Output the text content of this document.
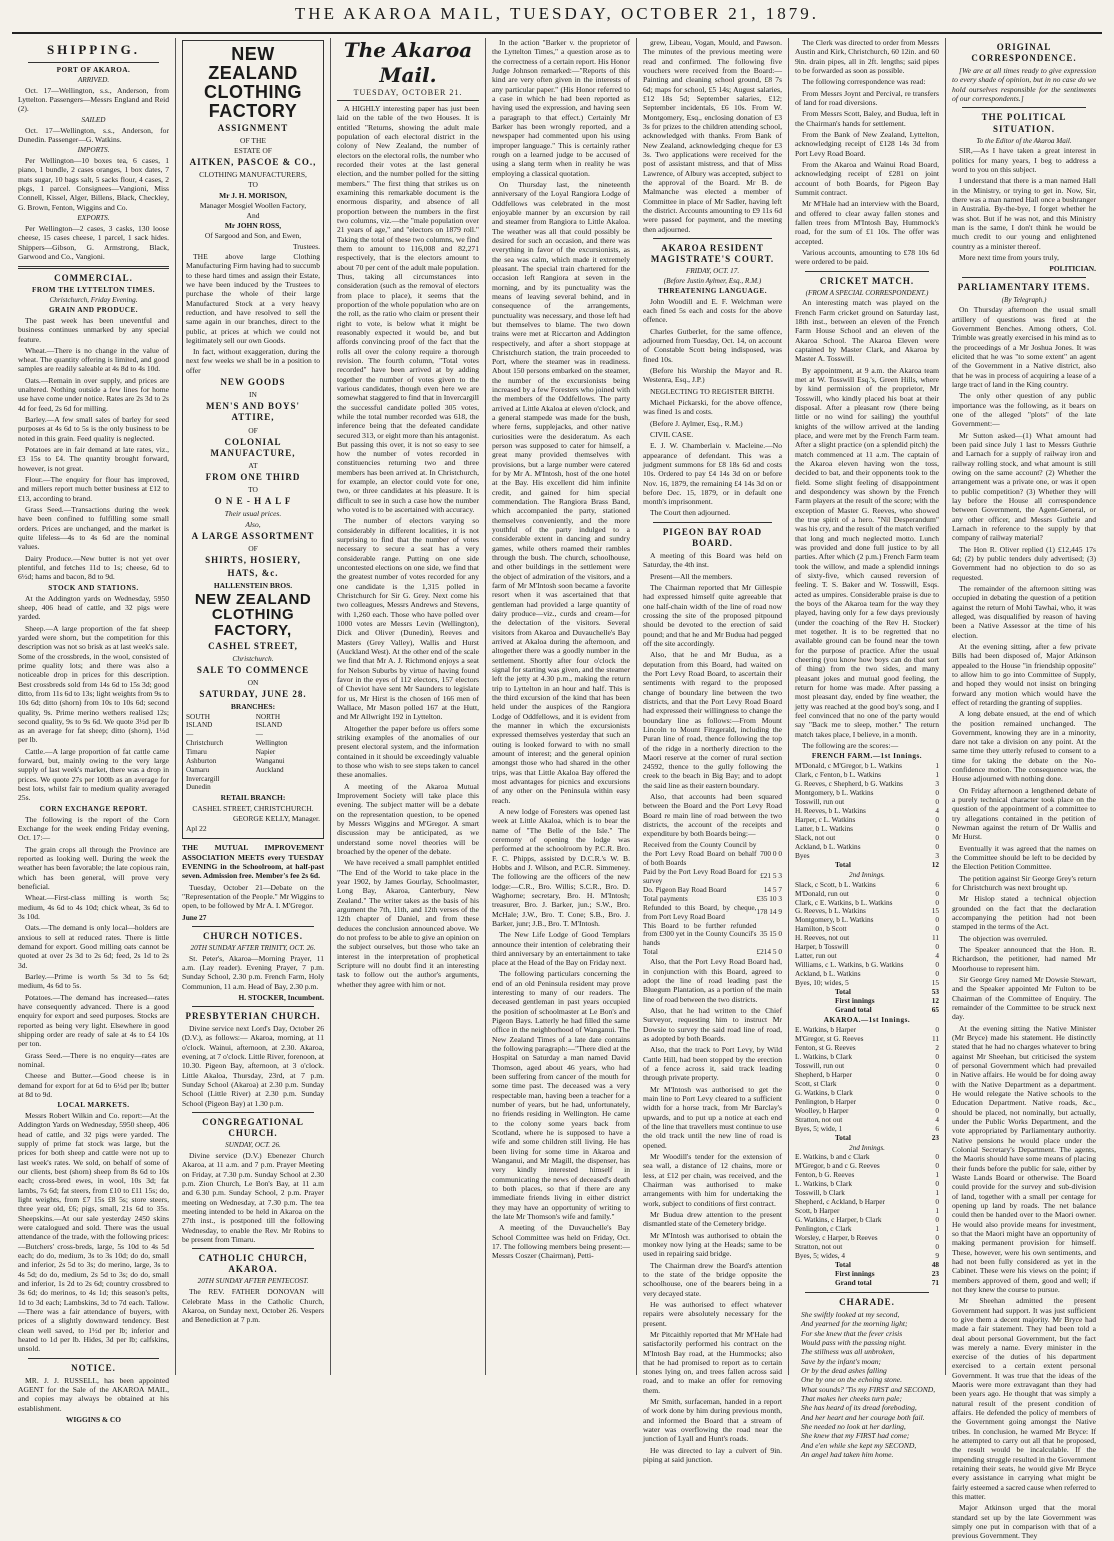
THE AKAROA MAIL, TUESDAY, OCTOBER 21, 1879.
SHIPPING.
PORT OF AKAROA.
ARRIVED.

Oct. 17—Wellington, s.s., Anderson, from Lyttelton. Passengers—Messrs England and Reid (2).

SAILED

Oct. 17—Wellington, s.s., Anderson, for Dunedin. Passenger—G. Watkins.

IMPORTS.

Per Wellington—10 boxes tea, 6 cases, 1 piano, 1 bundle, 2 cases oranges, 1 box dates, 7 mats sugar, 10 bags salt, 5 sacks flour, 4 cases, 2 pkgs, 1 parcel. Consignees—Vangioni, Miss Connell, Kissel, Alger, Billens, Black, Checkley, G. Brown, Fenton, Wiggins and Co.

EXPORTS.

Per Wellington—2 cases, 3 casks, 130 loose cheese, 15 cases cheese, 1 parcel, 1 sack hides. Shippers—Gibson, G. Armstrong, Black, Garwood and Co., Vangioni.

COMMERCIAL.
FROM THE LYTTELTON TIMES.
Christchurch, Friday Evening.
GRAIN AND PRODUCE.

The past week has been uneventful and business continues unmarked by any special feature.

Wheat.—There is no change in the value of wheat. The quantity offering is limited, and good samples are readily saleable at 4s 8d to 4s 10d.

Oats.—Remain in over supply, and prices are unaltered. Nothing outside a few lines for home use have come under notice. Rates are 2s 3d to 2s 4d for feed, 2s 6d for milling.

Barley.—A few small sales of barley for seed purposes at 4s 6d to 5s is the only business to be noted in this grain. Feed quality is neglected.

Potatoes are in fair demand at late rates, viz., £3 15s to £4. The quantity brought forward, however, is not great.

Flour.—The enquiry for flour has improved, and millers report much better business at £12 to £13, according to brand.

Grass Seed.—Transactions during the week have been confined to fulfilling some small orders. Prices are unchanged, and the market is quite lifeless—4s to 4s 6d are the nominal values.

Dairy Produce.—New butter is not yet over plentiful, and fetches 11d to 1s; cheese, 6d to 6½d; hams and bacon, 8d to 9d.

STOCK AND STATIONS.

At the Addington yards on Wednesday, 5950 sheep, 406 head of cattle, and 32 pigs were yarded.

Sheep.—A large proportion of the fat sheep yarded were shorn, but the competition for this description was not so brisk as at last week's sale. Some of the crossbreds, in the wool, consisted of prime quality lots; and there was also a noticeable drop in prices for this description. Best crossbreds sold from 14s 6d to 15s 3d; good ditto, from 11s 6d to 13s; light weights from 9s to 10s 6d; ditto (shorn) from 10s to 10s 6d; second quality, 9s. Prime merino wethers realised 12s; second quality, 9s to 9s 6d. We quote 3½d per lb as an average for fat sheep; ditto (shorn), 1½d per lb.

Cattle.—A large proportion of fat cattle came forward, but, mainly owing to the very large supply of last week's market, there was a drop in prices. We quote 27s per 100lb as an average for best lots, whilst fair to medium quality averaged 25s.

CORN EXCHANGE REPORT.

The following is the report of the Corn Exchange for the week ending Friday evening, Oct. 17:—

The grain crops all through the Province are reported as looking well. During the week the weather has been favorable; the late copious rain, which has been general, will prove very beneficial.

Wheat.—First-class milling is worth 5s; medium, 4s 6d to 4s 10d; chick wheat, 3s 6d to 3s 10d.

Oats.—The demand is only local—holders are anxious to sell at reduced rates. There is little demand for export. Good milling oats cannot be quoted at over 2s 3d to 2s 6d; feed, 2s 1d to 2s 3d.

Barley.—Prime is worth 5s 3d to 5s 6d; medium, 4s 6d to 5s.

Potatoes.—The demand has increased—rates have consequently advanced. There is a good enquiry for export and seed purposes. Stocks are reported as being very light. Elsewhere in good shipping order are ready of sale at 4s to £4 10s per ton.

Grass Seed.—There is no enquiry—rates are nominal.

Cheese and Butter.—Good cheese is in demand for export for at 6d to 6½d per lb; butter at 8d to 9d.

LOCAL MARKETS.

Messrs Robert Wilkin and Co. report:—At the Addington Yards on Wednesday, 5950 sheep, 406 head of cattle, and 32 pigs were yarded. The supply of prime fat stock was large, but the prices for both sheep and cattle were not up to last week's rates. We sold, on behalf of some of our clients, best (shorn) sheep from 8s 6d to 10s each; cross-bred ewes, in wool, 10s 3d; fat lambs, 7s 6d; fat steers, from £10 to £11 15s; do, light weights, from £7 15s £8 5s; store steers, three year old, £6; pigs, small, 21s 6d to 35s. Sheepskins.—At our sale yesterday 2450 skins were catalogued and sold. There was the usual attendance of the trade, with the following prices:—Butchers' cross-breds, large, 5s 10d to 4s 5d each; do do, medium, 3s to 3s 10d; do do, small and inferior, 2s 5d to 3s; do merino, large, 3s to 4s 5d; do do, medium, 2s 5d to 3s; do do, small and inferior, 1s 2d to 2s 6d; country crossbred to 3s 6d; do merinos, to 4s 1d; this season's pelts, 1d to 3d each; Lambskins, 3d to 7d each. Tallow.—There was a fair attendance of buyers, with prices of a slightly downward tendency. Best clean well saved, to 1½d per lb; inferior and heated to 1d per lb. Hides, 3d per lb; calfskins, unsold.

NOTICE.

MR. J. J. RUSSELL, has been appointed AGENT for the Sale of the AKAROA MAIL, and copies may always be obtained at his establishment.

WIGGINS & CO
NEW ZEALAND
CLOTHING FACTORY
ASSIGNMENT
OF THE
ESTATE OF
AITKEN, PASCOE & CO.,
CLOTHING MANUFACTURERS,
TO
Mr J. H. MORISON,
Manager Mosgiel Woollen Factory,
And
Mr JOHN ROSS,
Of Sargood and Son, and Ewen,
Trustees.

THE above large Clothing Manufacturing Firm having had to succumb to these hard times and assign their Estate, we have been induced by the Trustees to purchase the whole of their large Manufactured Stock at a very heavy reduction, and have resolved to sell the same again in our branches, direct to the public, at prices at which we could not legitimately sell our own Goods.

In fact, without exaggeration, during the next few weeks we shall be in a position to offer

NEW GOODS
IN
MEN'S AND BOYS' ATTIRE,
OF
COLONIAL MANUFACTURE,
AT
FROM ONE THIRD
TO
O N E - H A L F
Their usual prices.
Also,
A LARGE ASSORTMENT
OF
SHIRTS, HOSIERY,
HATS, &c.
HALLENSTEIN BROS.
NEW ZEALAND
CLOTHING FACTORY,
CASHEL STREET,
Christchurch.
SALE TO COMMENCE
ON
SATURDAY, JUNE 28.
BRANCHES:
SOUTH ISLAND—
Christchurch
Timaru
Ashburton
Oamaru
Invercargill
Dunedin
NORTH ISLAND—
Wellington
Napier
Wanganui
Auckland
RETAIL BRANCH:
CASHEL STREET, CHRISTCHURCH.
GEORGE KELLY, Manager.
Apl 22

THE MUTUAL IMPROVEMENT ASSOCIATION MEETS every TUESDAY EVENING in the Schoolroom, at half-past seven. Admission free. Member's fee 2s 6d.

Tuesday, October 21—Debate on the "Representation of the People." Mr Wiggins to open, to be followed by Mr A. I. M'Gregor.

June 27
CHURCH NOTICES.
20TH SUNDAY AFTER TRINITY, OCT. 26.

St. Peter's, Akaroa—Morning Prayer, 11 a.m. (Lay reader). Evening Prayer, 7 p.m. Sunday School, 2.30 p.m. French Farm, Holy Communion, 11 a.m. Head of Bay, 2.30 p.m.

H. STOCKER, Incumbent.
PRESBYTERIAN CHURCH.

Divine service next Lord's Day, October 26 (D.V.), as follows:— Akaroa, morning, at 11 o'clock. Wainui, afternoon, at 2.30. Akaroa, evening, at 7 o'clock. Little River, forenoon, at 10.30. Pigeon Bay, afternoon, at 3 o'clock. Little Akaloa, Thursday, 23rd, at 7 p.m. Sunday School (Akaroa) at 2.30 p.m. Sunday School (Little River) at 2.30 p.m. Sunday School (Pigeon Bay) at 1.30 p.m.

CONGREGATIONAL CHURCH.
SUNDAY, OCT. 26.

Divine service (D.V.) Ebenezer Church Akaroa, at 11 a.m. and 7 p.m. Prayer Meeting on Friday, at 7.30 p.m. Sunday School at 2.30 p.m. Zion Church, Le Bon's Bay, at 11 a.m and 6.30 p.m. Sunday School, 2 p.m. Prayer meeting on Wednesday, at 7.30 p.m. The tea meeting intended to be held in Akaroa on the 27th inst., is postponed till the following Wednesday, to enable the Rev. Mr Robins to be present from Timaru.

CATHOLIC CHURCH, AKAROA.
20TH SUNDAY AFTER PENTECOST.

The REV. FATHER DONOVAN will Celebrate Mass in the Catholic Church, Akaroa, on Sunday next, October 26. Vespers and Benediction at 7 p.m.

The Akaroa Mail.
TUESDAY, OCTOBER 21.

A HIGHLY interesting paper has just been laid on the table of the two Houses. It is entitled "Returns, showing the adult male population of each electoral district in the colony of New Zealand, the number of electors on the electoral rolls, the number who recorded their votes at the last general election, and the number polled for the sitting members." The first thing that strikes us on examining this remarkable document is the enormous disparity, and absence of all proportion between the numbers in the first two columns, viz.—the "male population over 21 years of age," and "electors on 1879 roll." Taking the total of these two columns, we find them to amount to 116,008 and 82,271 respectively, that is the electors amount to about 70 per cent of the adult male population. Thus, taking all circumstances into consideration (such as the removal of electors from place to place), it seems that the proportion of the whole population who are on the roll, as the ratio who claim or present their right to vote, is below what it might be reasonably expected it would be, and but affords convincing proof of the fact that the rolls all over the colony require a thorough revision. The fourth column, "Total votes recorded" have been arrived at by adding together the number of votes given to the various candidates, though even here we are somewhat staggered to find that in Invercargill the successful candidate polled 305 votes, while the total number recorded was 618, the inference being that the defeated candidate secured 313, or eight more than his antagonist. But passing this over, it is not so easy to see how the number of votes recorded in constituencies returning two and three members has been arrived at. In Christchurch, for example, an elector could vote for one, two, or three candidates at his pleasure. It is difficult to see in such a case how the number who voted is to be ascertained with accuracy.

The number of electors varying so considerably in different localities, it is not surprising to find that the number of votes necessary to secure a seat has a very considerable range. Putting on one side uncontested elections on one side, we find that the greatest number of votes recorded for any one candidate is the 1,315 polled in Christchurch for Sir G. Grey. Next come his two colleagues, Messrs Andrews and Stevens, with 1,260 each. Those who have polled over 1000 votes are Messrs Levin (Wellington), Dick and Oliver (Dunedin), Reeves and Masters (Grey Valley), Wallis and Hurst (Auckland West). At the other end of the scale we find that Mr A. J. Richmond enjoys a seat for Nelson Suburbs by virtue of having found favor in the eyes of 112 electors, 157 electors of Cheviot have sent Mr Saunders to legislate for us, Mr Hirst is the chosen of 166 men of Wallace, Mr Mason polled 167 at the Hutt, and Mr Allwright 192 in Lyttelton.

Altogether the paper before us offers some striking examples of the anomalies of our present electoral system, and the information contained in it should be exceedingly valuable to those who wish to see steps taken to cancel these anomalies.

A meeting of the Akaroa Mutual Improvement Society will take place this evening. The subject matter will be a debate on the representation question, to be opened by Messrs Wiggins and M'Gregor. A smart discussion may be anticipated, as we understand some novel theories will be broached by the opener of the debate.

We have received a small pamphlet entitled "The End of the World to take place in the year 1902, by James Gourlay, Schoolmaster, Long Bay, Akaroa, Canterbury, New Zealand." The writer takes as the basis of his argument the 7th, 11th, and 12th verses of the 12th chapter of Daniel, and from these deduces the conclusion announced above. We do not profess to be able to give an opinion on the subject ourselves, but those who take an interest in the interpretation of prophetical Scripture will no doubt find it an interesting task to follow out the author's arguments, whether they agree with him or not.

In the action "Barker v. the proprietor of the Lyttelton Times," a question arose as to the correctness of a certain report. His Honor Judge Johnson remarked:—"Reports of this kind are very often given in the interests of any particular paper." (His Honor referred to a case in which he had been reported as having used the expression, and having seen a paragraph to that effect.) Certainly Mr Barker has been wrongly reported, and a newspaper had commented upon his using improper language." This is certainly rather rough on a learned judge to be accused of using a slang term when in reality he was employing a classical quotation.

On Thursday last, the nineteenth anniversary of the Loyal Rangiora Lodge of Oddfellows was celebrated in the most enjoyable manner by an excursion by rail and steamer from Rangiora to Little Akaloa. The weather was all that could possibly be desired for such an occasion, and there was everything in favor of the excursionists, as the sea was calm, which made it extremely pleasant. The special train chartered for the occasion left Rangiora at seven in the morning, and by its punctuality was the means of leaving several behind, and in consequence of the arrangements, punctuality was necessary, and those left had but themselves to blame. The two down trains were met at Riccarton and Addington respectively, and after a short stoppage at Christchurch station, the train proceeded to Port, where the steamer was in readiness. About 150 persons embarked on the steamer, the number of the excursionists being increased by a few Foresters who joined with the members of the Oddfellows. The party arrived at Little Akaloa at eleven o'clock, and a general stampede was made for the bush, where ferns, supplejacks, and other native curiosities were the desideratum. As each person was supposed to cater for himself, a great many provided themselves with provisions, but a large number were catered for by Mr A. M'Intosh, host of the one hotel at the Bay. His excellent did him infinite credit, and gained for him special commendation. The Rangiora Brass Band, which accompanied the party, stationed themselves conveniently, and the more youthful of the party indulged to a considerable extent in dancing and sundry games, while others roamed their rambles through the bush. The church, schoolhouse, and other buildings in the settlement were the object of admiration of the visitors, and a farm of Mr M'Intosh soon became a favorite resort when it was ascertained that that gentleman had provided a large quantity of dairy produce—viz., curds and cream—for the delectation of the visitors. Several visitors from Akaroa and Duvauchelle's Bay arrived at Akaloa during the afternoon, and altogether there was a goodly number in the settlement. Shortly after four o'clock the signal for starting was given, and the steamer left the jetty at 4.30 p.m., making the return trip to Lyttelton in an hour and half. This is the third excursion of the kind that has been held under the auspices of the Rangiora Lodge of Oddfellows, and it is evident from the manner in which the excursionists expressed themselves yesterday that such an outing is looked forward to with no small amount of interest; and the general opinion amongst those who had shared in the other trips, was that Little Akaloa Bay offered the most advantages for picnics and excursions of any other on the Peninsula within easy reach.

A new lodge of Foresters was opened last week at Little Akaloa, which is to bear the name of "The Belle of the Isle." The ceremony of opening the lodge was performed at the schoolroom by P.C.R. Bro. F. C. Phipps, assisted by D.C.R.'s W. B. Hobbs and J. Wilson, and P.C.R. Simmeney. The following are the officers of the new lodge:—C.R., Bro. Willis; S.C.R., Bro. D. Waghorne; secretary, Bro. H. M'Intosh; treasurer, Bro. J. Barker, jun.; S.W., Bro. McHale; J.W., Bro. T. Cone; S.B., Bro. J. Barker, junr; J.B., Bro. T. M'Intosh.

The New Life Lodge of Good Templars announce their intention of celebrating their third anniversary by an entertainment to take place at the Head of the Bay on Friday next.

The following particulars concerning the end of an old Peninsula resident may prove interesting to many of our readers. The deceased gentleman in past years occupied the position of schoolmaster at Le Bon's and Pigeon Bays. Latterly he had filled the same office in the neighborhood of Wanganui. The New Zealand Times of a late date contains the following paragraph:—"There died at the Hospital on Saturday a man named David Thomson, aged about 46 years, who had been suffering from cancer of the mouth for some time past. The deceased was a very respectable man, having been a teacher for a number of years, but he had, unfortunately, no friends residing in Wellington. He came to the colony some years back from Scotland, where he is supposed to have a wife and some children still living. He has been living for some time in Akaroa and Wanganui, and Mr Magill, the dispenser, has very kindly interested himself in communicating the news of deceased's death to both places, so that if there are any immediate friends living in either district they may have an opportunity of writing to the late Mr Thomson's wife and family."

A meeting of the Duvauchelle's Bay School Committee was held on Friday, Oct. 17. The following members being present:—Messrs Coszer (Chairman), Petti-

grew, Libeau, Vogan, Mould, and Pawson. The minutes of the previous meeting were read and confirmed. The following five vouchers were received from the Board:—Painting and cleaning school ground, £8 7s 6d; maps for school, £5 14s; August salaries, £12 18s 5d; September salaries, £12; September incidentals, £6 10s. From W. Montgomery, Esq., enclosing donation of £3 3s for prizes to the children attending school, acknowledged with thanks. From Bank of New Zealand, acknowledging cheque for £3 3s. Two applications were received for the post of assistant mistress, and that of Miss Lawrence, of Albury was accepted, subject to the approval of the Board. Mr B. de Malmanche was elected a member of Committee in place of Mr Sadler, having left the district. Accounts amounting to £9 11s 6d were passed for payment, and the meeting then adjourned.

AKAROA RESIDENT MAGISTRATE'S COURT.
FRIDAY, OCT. 17.
(Before Justin Aylmer, Esq., R.M.)
THREATENING LANGUAGE.

John Woodill and E. F. Welchman were each fined 5s each and costs for the above offence.

Charles Gutberlet, for the same offence, adjourned from Tuesday, Oct. 14, on account of Constable Scott being indisposed, was fined 10s.

(Before his Worship the Mayor and R. Westenra, Esq., J.P.)

NEGLECTING TO REGISTER BIRTH.

Michael Pickarski, for the above offence, was fined 1s and costs.

(Before J. Aylmer, Esq., R.M.)

CIVIL CASE.

E. J. W. Chamberlain v. Macleine.—No appearance of defendant. This was a judgment summons for £8 18s 6d and costs 10s. Ordered to pay £4 14s 3d on or before Nov. 16, 1879, the remaining £4 14s 3d on or before Dec. 15, 1879, or in default one month's imprisonment.

The Court then adjourned.

PIGEON BAY ROAD BOARD.

A meeting of this Board was held on Saturday, the 4th inst.

Present—All the members.

The Chairman reported that Mr Gillespie had expressed himself quite agreeable that one half-chain width of the line of road now crossing the site of the proposed pitpound should be devoted to the erection of said pound; and that he and Mr Budua had pegged off the site accordingly.

Also, that he and Mr Budua, as a deputation from this Board, had waited on the Port Levy Road Board, to ascertain their sentiments with regard to the proposed change of boundary line between the two districts, and that the Port Levy Road Board had expressed their willingness to change the boundary line as follows:—From Mount Lincoln to Mount Fitzgerald, including the Puran line of road, thence following the top of the ridge in a northerly direction to the Maori reserve at the corner of rural section 24592, thence to the gully following the creek to the beach in Big Bay; and to adopt the said line as their eastern boundary.

Also, that accounts had been squared between the Board and the Port Levy Road Board re main line of road between the two districts, the account of the receipts and expenditure by both Boards being:—

Received from the County Council by the Port Levy Road Board on behalf of both Boards	700 0 0
Paid by the Port Levy Road Board for survey	£21 5 3
Do. Pigeon Bay Road Board	14 5 7
Total payments	£35 10 3
Refunded to this Board, by cheque, from Port Levy Road Board	178 14 9
This Board to be further refunded from £300 yet in the County Council's hands	35 15 0
Total	£214 5 0

Also, that the Port Levy Road Board had, in conjunction with this Board, agreed to adopt the line of road leading past the Bluegum Plantation, as a portion of the main line of road between the two districts.

Also, that he had written to the Chief Surveyor, requesting him to instruct Mr Dowsie to survey the said road line of road, as adopted by both Boards.

Also, that the track to Port Levy, by Wild Cattle Hill, had been stopped by the erection of a fence across it, said track leading through private property.

Mr M'Intosh was authorised to get the main line to Port Levy cleared to a sufficient width for a horse track, from Mr Barclay's upwards, and to put up a notice at each end of the line that travellers must continue to use the old track until the new line of road is opened.

Mr Woodill's tender for the extension of sea wall, a distance of 12 chains, more or less, at £12 per chain, was received, and the Chairman was authorised to make arrangements with him for undertaking the work, subject to conditions of first contract.

Mr Budua drew attention to the present dismantled state of the Cemetery bridge.

Mr M'Intosh was authorised to obtain the monkey now lying at the Heads; same to be used in repairing said bridge.

The Chairman drew the Board's attention to the state of the bridge opposite the schoolhouse, one of the bearers being in a very decayed state.

He was authorised to effect whatever repairs were absolutely necessary for the present.

Mr Pitcaithly reported that Mr M'Hale had satisfactorily performed his contract on the M'Intosh Bay road, at the Hummocks; also that he had promised to report as to certain stones lying on, and trees fallen across said road, and to make an offer for removing them.

Mr Smith, surfaceman, handed in a report of work done by him during previous month, and informed the Board that a stream of water was overflowing the road near the junction of Lyall and Hunt's roads.

He was directed to lay a culvert of 9in. piping at said junction.

The Clerk was directed to order from Messrs Austin and Kirk, Christchurch, 60 12in. and 60 9in. drain pipes, all in 2ft. lengths; said pipes to be forwarded as soon as possible.

The following correspondence was read:

From Messrs Joynt and Percival, re transfers of land for road diversions.

From Messrs Scott, Baley, and Budua, left in the Chairman's hands for settlement.

From the Bank of New Zealand, Lyttelton, acknowledging receipt of £128 14s 3d from Port Levy Road Board.

From the Akaroa and Wainui Road Board, acknowledging receipt of £281 on joint account of both Boards, for Pigeon Bay Summit contract.

Mr M'Hale had an interview with the Board, and offered to clear away fallen stones and fallen trees from M'Intosh Bay, Hummock's road, for the sum of £1 10s. The offer was accepted.

Various accounts, amounting to £78 10s 6d were ordered to be paid.

CRICKET MATCH.
(FROM A SPECIAL CORRESPONDENT.)

An interesting match was played on the French Farm cricket ground on Saturday last, 18th inst., between an eleven of the French Farm House School and an eleven of the Akaroa School. The Akaroa Eleven were captained by Master Clark, and Akaroa by Master A. Tosswill.

By appointment, at 9 a.m. the Akaroa team met at W. Tosswill Esq.'s, Green Hills, where by kind permission of the proprietor, Mr Tosswill, who kindly placed his boat at their disposal. After a pleasant row (there being little or no wind for sailing) the youthful knights of the willow arrived at the landing place, and were met by the French Farm team. After a slight practice (on a splendid pitch) the match commenced at 11 a.m. The captain of the Akaroa eleven having won the toss, decided to bat, and their opponents took to the field. Some slight feeling of disappointment and despondency was shown by the French Farm players at the result of the score; with the exception of Master G. Reeves, who showed the true spirit of a hero. "Nil Desperandum" was his cry, and the result of the match verified that long and much neglected motto. Lunch was provided and done full justice to by all parties. After which (2 p.m.) French Farm team took the willow, and made a splendid innings of sixty-five, which caused reversion of feeling. T. S. Baker and W. Tosswill, Esqs. acted as umpires. Considerable praise is due to the boys of the Akaroa team for the way they played, having only for a few days previously (under the coaching of the Rev H. Stocker) met together. It is to be regretted that no available ground can be found near the town for the purpose of practice. After the usual cheering (you know how boys can do that sort of thing) from the two sides, and many pleasant jokes and mutual good feeling, the return for home was made. After passing a most pleasant day, ended by fine weather, the jetty was reached at the good boy's song, and I feel convinced that no one of the party would say "Back me to sleep, mother." The return match takes place, I believe, in a month.

The following are the scores:—

FRENCH FARM.—1st Innings.
M'Donald, c M'Gregor, b L. Watkins	1
Clark, c Fenton, b L. Watkins	1
G. Reeves, c Shepherd, b G. Watkins	3
Montgomery, b L. Watkins	0
Tosswill, run out	0
H. Reeves, b L. Watkins	4
Harper, c L. Watkins	0
Latter, b L. Watkins	0
Slack, not out	0
Ackland, b L. Watkins	0
Byes	3
Total	12
2nd Innings.
Slack, c Scott, b L. Watkins	6
M'Donald, run out	0
Clark, c E. Watkins, b L. Watkins	0
G. Reeves, b L. Watkins	15
Montgomery, b L. Watkins	0
Hamilton, b Scott	0
H. Reeves, not out	11
Harper, b Tosswill	0
Latter, run out	4
Williams, c L. Watkins, b G. Watkins	0
Ackland, b L. Watkins	0
Byes, 10; wides, 5	15
Total	53
First innings	12
Grand total	65
AKAROA.—1st Innings.
E. Watkins, b Harper	0
M'Gregor, st G. Reeves	11
Fenton, st G. Reeves	2
L. Watkins, b Clark	0
Tosswill, run out	0
Shepherd, b Harper	0
Scott, st Clark	0
G. Watkins, b Clark	0
Penlington, b Harper	0
Woolley, b Harper	0
Stratton, not out	4
Byes, 5; wide, 1	6
Total	23
2nd Innings.
E. Watkins, b and c Clark	0
M'Gregor, b and c G. Reeves	0
Fenton, b G. Reeves	1
L. Watkins, b Clark	0
Tosswill, b Clark	1
Shepherd, c Ackland, b Harper	0
Scott, b Harper	1
G. Watkins, c Harper, b Clark	0
Penlington, c Clark	1
Worsley, c Harper, b Reeves	0
Stratton, not out	0
Byes, 5; wides, 4	9
Total	48
First innings	23
Grand total	71
CHARADE.

She swiftly looked at my second,

And yearned for the morning light;

For she knew that the fever crisis

Would pass with the passing night.

The stillness was all unbroken,

Save by the infant's moan;

Or by the dead ashes falling

One by one on the echoing stone.

What sounds? 'Tis my FIRST and SECOND,

That makes her cheeks turn pale;

She has heard of its dread foreboding,

And her heart and her courage both fail.

She needed no look at her darling,

She knew that my FIRST had come;

And e'en while she kept my SECOND,

An angel had taken him home.

ORIGINAL CORRESPONDENCE.

[We are at all times ready to give expression to every shade of opinion, but in no case do we hold ourselves responsible for the sentiments of our correspondents.]

THE POLITICAL SITUATION.
To the Editor of the Akaroa Mail.

SIR,—As I have taken a great interest in politics for many years, I beg to address a word to you on this subject.

I understand that there is a man named Hall in the Ministry, or trying to get in. Now, Sir, there was a man named Hall once a bushranger in Australia. By-the-bye, I forget whether he was shot. But if he was not, and this Ministry man is the same, I don't think he would be much credit to our young and enlightened country as a minister thereof.

More next time from yours truly,

POLITICIAN.
PARLIAMENTARY ITEMS.
(By Telegraph.)

On Thursday afternoon the usual small artillery of questions was fired at the Government Benches. Among others, Col. Trimble was greatly exercised in his mind as to the proceedings of a Mr Joshua Jones. It was elicited that he was "to some extent" an agent of the Government in a Native district, also that he was in process of acquiring a lease of a large tract of land in the King country.

The only other question of any public importance was the following, as it bears on one of the alleged "plots" of the late Government:—

Mr Sutton asked—(1) What amount had been paid since July 1 last to Messrs Guthrie and Larnach for a supply of railway iron and railway rolling stock, and what amount is still owing on the same account? (2) Whether the arrangement was a private one, or was it open to public competition? (3) Whether they will lay before the House all correspondence between Government, the Agent-General, or any other officer, and Messrs Guthrie and Larnach in reference to the supply by that company of railway material?

The Hon R. Oliver replied (1) £12,445 17s 6d; (2) by public tenders duly advertised; (3) Government had no objection to do so as requested.

The remainder of the afternoon sitting was occupied in debating the question of a petition against the return of Mohi Tawhai, who, it was alleged, was disqualified by reason of having been a Native Assessor at the time of his election.

At the evening sitting, after a few private Bills had been disposed of, Major Atkinson appealed to the House "in friendship opposite" to allow him to go into Committee of Supply, and hoped they would not insist on bringing forward any motion which would have the effect of retarding the granting of supplies.

A long debate ensued, at the end of which the position remained unchanged. The Government, knowing they are in a minority, dare not take a division on any point. At the same time they utterly refused to consent to a time for taking the debate on the No-confidence motion. The consequence was, the House adjourned with nothing done.

On Friday afternoon a lengthened debate of a purely technical character took place on the question of the appointment of a committee to try allegations contained in the petition of Newman against the return of Dr Wallis and Mr Hurst.

Eventually it was agreed that the names on the Committee should be left to be decided by the Election Petition Committee.

The petition against Sir George Grey's return for Christchurch was next brought up.

Mr Hislop stated a technical objection grounded on the fact that the declaration accompanying the petition had not been stamped in the terms of the Act.

The objection was overruled.

The Speaker announced that the Hon. R. Richardson, the petitioner, had named Mr Moorhouse to represent him.

Sir George Grey named Mr Dowsie Stewart, and the Speaker appointed Mr Fulton to be Chairman of the Committee of Enquiry. The remainder of the Committee to be struck next day.

At the evening sitting the Native Minister (Mr Bryce) made his statement. He distinctly stated that he had no charges whatever to bring against Mr Sheehan, but criticised the system of personal Government which had prevailed in Native affairs. He would be for doing away with the Native Department as a department. He would relegate the Native schools to the Education Department. Native roads, &c., should be placed, not nominally, but actually, under the Public Works Department, and the vote appropriated by Parliamentary authority. Native pensions he would place under the Colonial Secretary's Department. The agents, the Maoris should have some means of placing their funds before the public for sale, either by Waste Lands Board or otherwise. The Board could provide for the survey and sub-division of land, together with a small per centage for opening up land by roads. The net balance could then be handed over to the Maori owner. He would also provide means for investment, so that the Maori might have an opportunity of making permanent provision for himself. These, however, were his own sentiments, and had not been fully considered as yet in the Cabinet. These were his views on the point; if members approved of them, good and well; if not they knew the course to pursue.

Mr Sheehan admitted the present Government had support. It was just sufficient to give them a decent majority. Mr Bryce had made a fair statement. They had been told a deal about personal Government, but the fact was merely a name. Every minister in the exercise of the duties of his department exercised to a certain extent personal Government. It was true that the ideas of the Maoris were more extravagant than they had been years ago. He thought that was simply a natural result of the present condition of affairs. He defended the policy of members of the Government going amongst the Native tribes. In conclusion, he warned Mr Bryce: If he attempted to carry out all that he proposed, the result would be incalculable. If the impending struggle resulted in the Government retaining their seats, he would give Mr Bryce every assistance in carrying what might be fairly esteemed a sacred cause when referred to this matter.

Major Atkinson urged that the moral standard set up by the late Government was simply one put in comparison with that of a previous Government. They
